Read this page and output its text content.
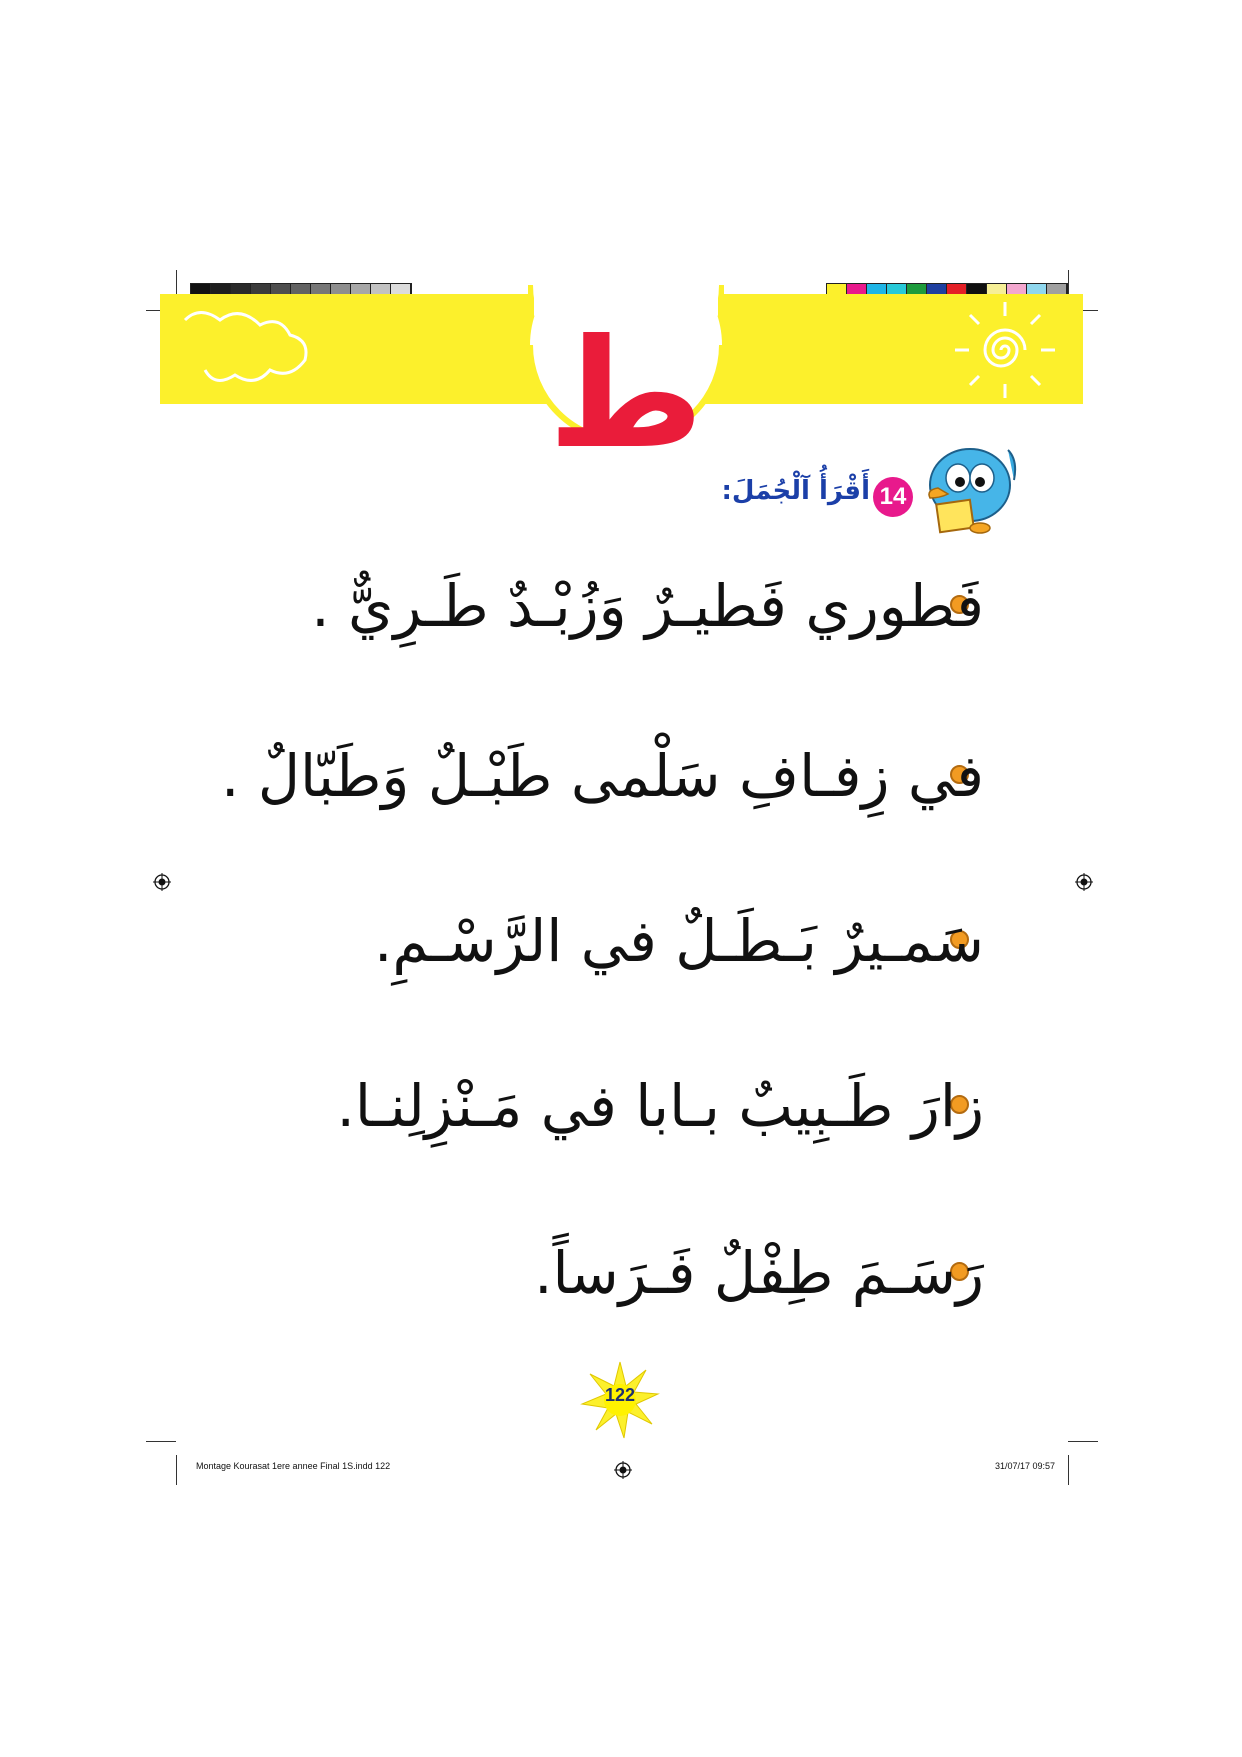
ط
14
أَقْرَأُ آلْجُمَلَ:
فَطوري فَطيـرٌ وَزُبْـدٌ طَـرِيٌّ .
في زِفـافِ سَلْمى طَبْـلٌ وَطَبّالٌ .
سَمـيرٌ بَـطَـلٌ في الرَّسْـمِ.
زارَ طَـبِيبٌ بـابا في مَـنْزِلِنـا.
رَسَـمَ طِفْلٌ فَـرَساً.
122
Montage Kourasat 1ere annee Final 1S.indd 122	31/07/17 09:57
